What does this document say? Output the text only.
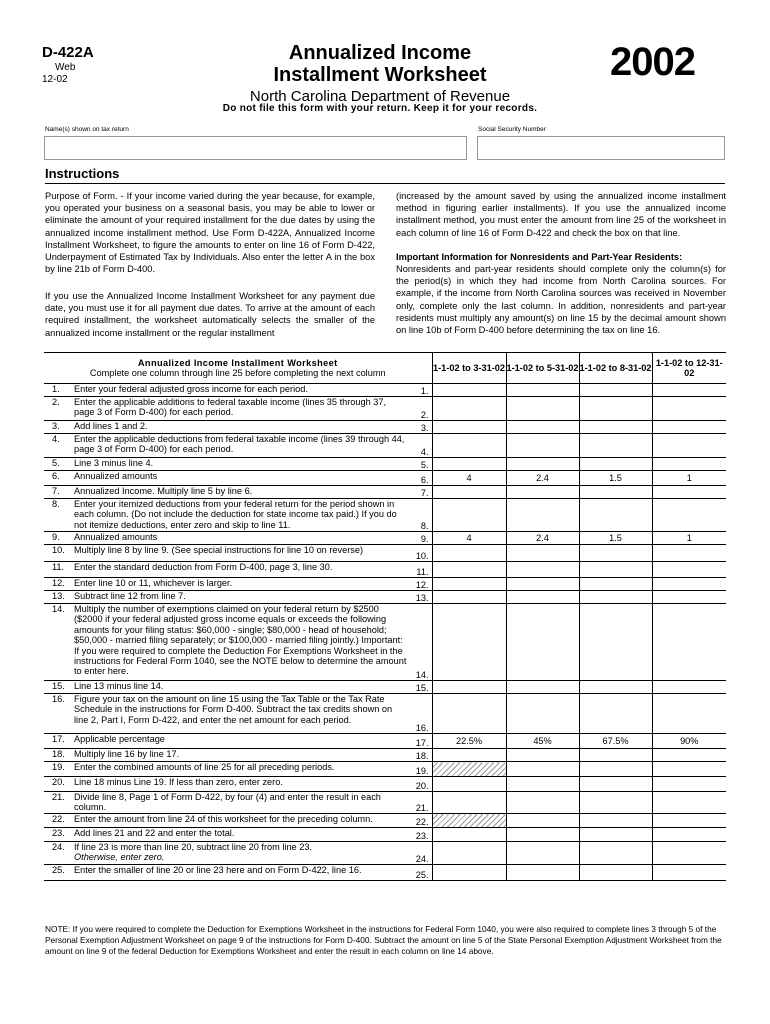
D-422A
Web
12-02
Annualized Income
Installment Worksheet
North Carolina Department of Revenue
2002
Do not file this form with your return. Keep it for your records.
Name(s) shown on tax return	Social Security Number
Instructions
Purpose of Form. - If your income varied during the year because, for example, you operated your business on a seasonal basis, you may be able to lower or eliminate the amount of your required installment for the due dates by using the annualized income installment method. Use Form D-422A, Annualized Income Installment Worksheet, to figure the amounts to enter on line 16 of Form D-422, Underpayment of Estimated Tax by Individuals. Also enter the letter A in the box by line 21b of Form D-400.
If you use the Annualized Income Installment Worksheet for any payment due date, you must use it for all payment due dates. To arrive at the amount of each required installment, the worksheet automatically selects the smaller of the annualized income installment or the regular installment
(increased by the amount saved by using the annualized income installment method in figuring earlier installments). If you use the annualized income installment method, you must enter the amount from line 25 of the worksheet in each column of line 16 of Form D-422 and check the box on that line.
Important Information for Nonresidents and Part-Year Residents:
Nonresidents and part-year residents should complete only the column(s) for the period(s) in which they had income from North Carolina sources. For example, if the income from North Carolina sources was received in November only, complete only the last column. In addition, nonresidents and part-year residents must multiply any amount(s) on line 15 by the decimal amount shown on line 10b of Form D-400 before determining the tax on line 16.
Annualized Income Installment Worksheet
Complete one column through line 25 before completing the next column			1-1-02 to 3-31-02	1-1-02 to 5-31-02	1-1-02 to 8-31-02	1-1-02 to 12-31-02
1.	Enter your federal adjusted gross income for each period.	1.				
2.	Enter the applicable additions to federal taxable income (lines 35 through 37, page 3 of Form D-400) for each period.	2.				
3.	Add lines 1 and 2.	3.				
4.	Enter the applicable deductions from federal taxable income (lines 39 through 44, page 3 of Form D-400) for each period.	4.				
5.	Line 3 minus line 4.	5.				
6.	Annualized amounts	6.	4	2.4	1.5	1
7.	Annualized Income. Multiply line 5 by line 6.	7.				
8.	Enter your itemized deductions from your federal return for the period shown in each column. (Do not include the deduction for state income tax paid.) If you do not itemize deductions, enter zero and skip to line 11.	8.				
9.	Annualized amounts	9.	4	2.4	1.5	1
10.	Multiply line 8 by line 9. (See special instructions for line 10 on reverse)	10.				
11.	Enter the standard deduction from Form D-400, page 3, line 30.	11.				
12.	Enter line 10 or 11, whichever is larger.	12.				
13.	Subtract line 12 from line 7.	13.				
14.	Multiply the number of exemptions claimed on your federal return by $2500 ($2000 if your federal adjusted gross income equals or exceeds the following amounts for your filing status: $60,000 - single; $80,000 - head of household; $50,000 - married filing separately; or $100,000 - married filing jointly.) Important: If you were required to complete the Deduction For Exemptions Worksheet in the instructions for Federal Form 1040, see the NOTE below to determine the amount to enter here.	14.				
15.	Line 13 minus line 14.	15.				
16.	Figure your tax on the amount on line 15 using the Tax Table or the Tax Rate Schedule in the instructions for Form D-400. Subtract the tax credits shown on line 2, Part I, Form D-422, and enter the net amount for each period.	16.				
17.	Applicable percentage	17.	22.5%	45%	67.5%	90%
18.	Multiply line 16 by line 17.	18.				
19.	Enter the combined amounts of line 25 for all preceding periods.	19.				
20.	Line 18 minus Line 19. If less than zero, enter zero.	20.				
21.	Divide line 8, Page 1 of Form D-422, by four (4) and enter the result in each column.	21.				
22.	Enter the amount from line 24 of this worksheet for the preceding column.	22.				
23.	Add lines 21 and 22 and enter the total.	23.				
24.	If line 23 is more than line 20, subtract line 20 from line 23.
Otherwise, enter zero.	24.				
25.	Enter the smaller of line 20 or line 23 here and on Form D-422, line 16.	25.				
NOTE: If you were required to complete the Deduction for Exemptions Worksheet in the instructions for Federal Form 1040, you were also required to complete lines 3 through 5 of the Personal Exemption Adjustment Worksheet on page 9 of the instructions for Form D-400. Subtract the amount on line 5 of the State Personal Exemption Adjustment Worksheet from the amount on line 9 of the federal Deduction for Exemptions Worksheet and enter the result in each column on line 14 above.
